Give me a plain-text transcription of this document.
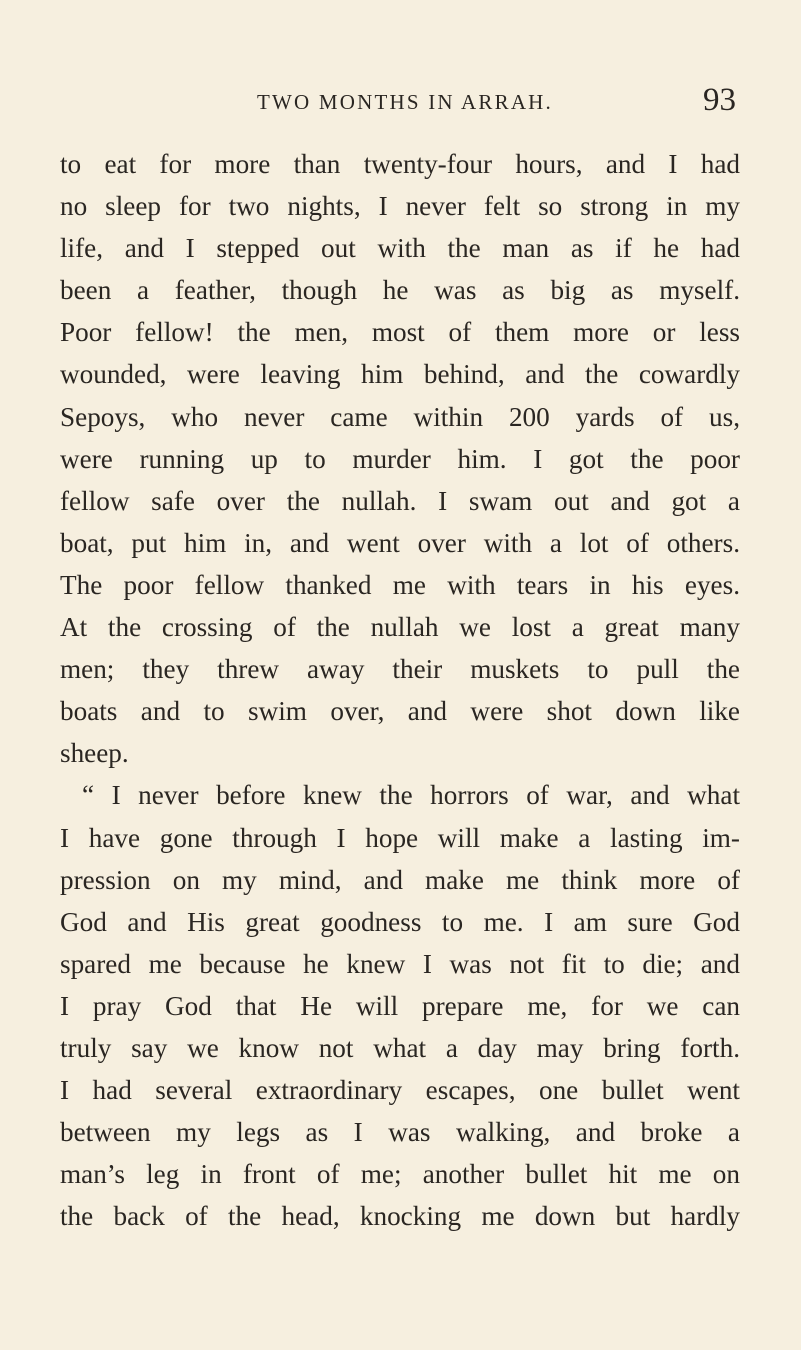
TWO MONTHS IN ARRAH.	93
to eat for more than twenty-four hours, and I had
no sleep for two nights, I never felt so strong in my
life, and I stepped out with the man as if he had
been a feather, though he was as big as myself.
Poor fellow! the men, most of them more or less
wounded, were leaving him behind, and the cowardly
Sepoys, who never came within 200 yards of us,
were running up to murder him. I got the poor
fellow safe over the nullah. I swam out and got a
boat, put him in, and went over with a lot of others.
The poor fellow thanked me with tears in his eyes.
At the crossing of the nullah we lost a great many
men; they threw away their muskets to pull the
boats and to swim over, and were shot down like
sheep.
“ I never before knew the horrors of war, and what
I have gone through I hope will make a lasting im-
pression on my mind, and make me think more of
God and His great goodness to me. I am sure God
spared me because he knew I was not fit to die; and
I pray God that He will prepare me, for we can
truly say we know not what a day may bring forth.
I had several extraordinary escapes, one bullet went
between my legs as I was walking, and broke a
man’s leg in front of me; another bullet hit me on
the back of the head, knocking me down but hardly
